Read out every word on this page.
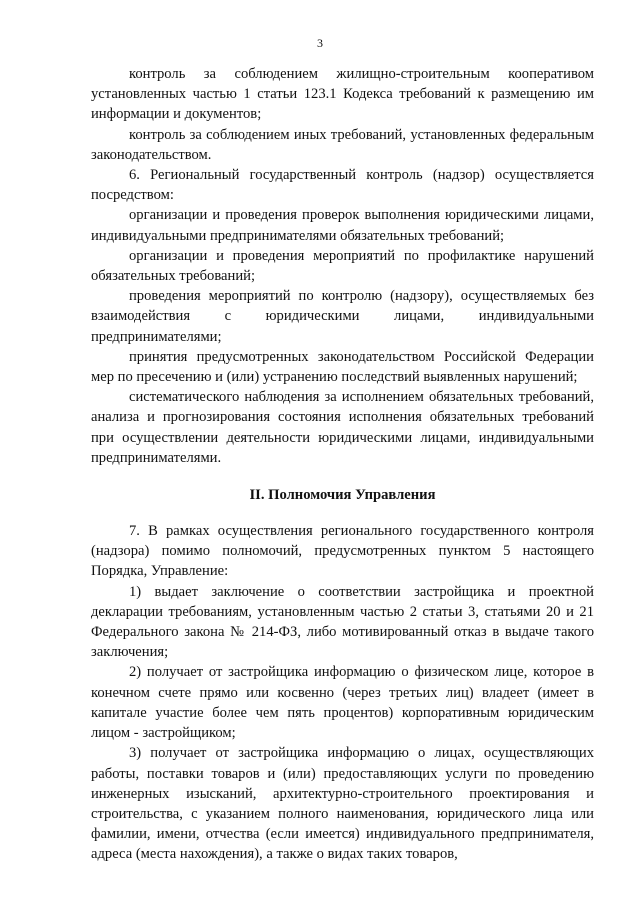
3

контроль за соблюдением жилищно-строительным кооперативом установленных частью 1 статьи 123.1 Кодекса требований к размещению им информации и документов;

контроль за соблюдением иных требований, установленных федеральным законодательством.

6. Региональный государственный контроль (надзор) осуществляется посредством:

организации и проведения проверок выполнения юридическими лицами, индивидуальными предпринимателями обязательных требований;

организации и проведения мероприятий по профилактике нарушений обязательных требований;

проведения мероприятий по контролю (надзору), осуществляемых без взаимодействия с юридическими лицами, индивидуальными предпринимателями;

принятия предусмотренных законодательством Российской Федерации мер по пресечению и (или) устранению последствий выявленных нарушений;

систематического наблюдения за исполнением обязательных требований, анализа и прогнозирования состояния исполнения обязательных требований при осуществлении деятельности юридическими лицами, индивидуальными предпринимателями.

II. Полномочия Управления

7. В рамках осуществления регионального государственного контроля (надзора) помимо полномочий, предусмотренных пунктом 5 настоящего Порядка, Управление:

1) выдает заключение о соответствии застройщика и проектной декларации требованиям, установленным частью 2 статьи 3, статьями 20 и 21 Федерального закона № 214-ФЗ, либо мотивированный отказ в выдаче такого заключения;

2) получает от застройщика информацию о физическом лице, которое в конечном счете прямо или косвенно (через третьих лиц) владеет (имеет в капитале участие более чем пять процентов) корпоративным юридическим лицом - застройщиком;

3) получает от застройщика информацию о лицах, осуществляющих работы, поставки товаров и (или) предоставляющих услуги по проведению инженерных изысканий, архитектурно-строительного проектирования и строительства, с указанием полного наименования, юридического лица или фамилии, имени, отчества (если имеется) индивидуального предпринимателя, адреса (места нахождения), а также о видах таких товаров,
